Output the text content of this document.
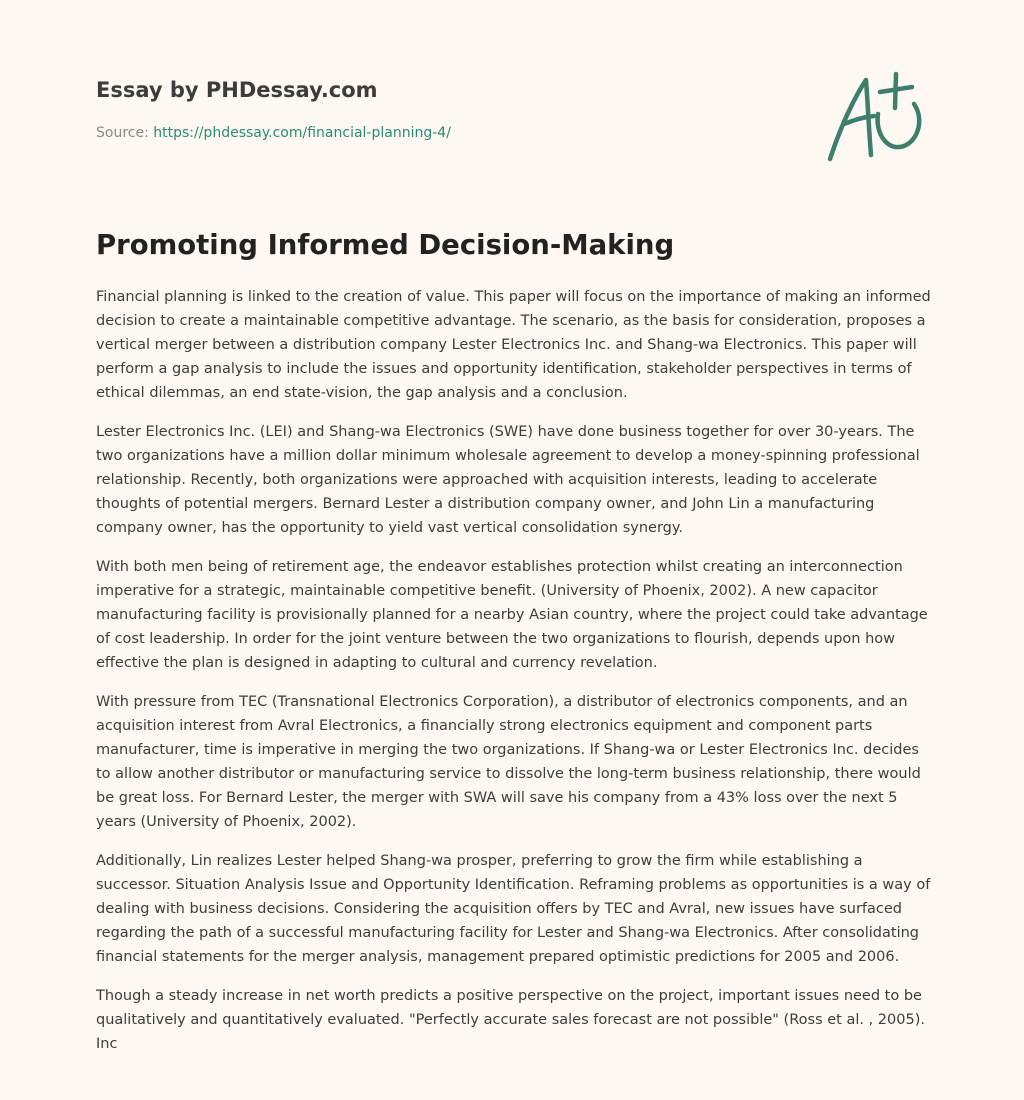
Essay by PHDessay.com
Source: https://phdessay.com/financial-planning-4/
Promoting Informed Decision-Making

Financial planning is linked to the creation of value. This paper will focus on the importance of making an informed decision to create a maintainable competitive advantage. The scenario, as the basis for consideration, proposes a vertical merger between a distribution company Lester Electronics Inc. and Shang-wa Electronics. This paper will perform a gap analysis to include the issues and opportunity identification, stakeholder perspectives in terms of ethical dilemmas, an end state-vision, the gap analysis and a conclusion.

Lester Electronics Inc. (LEI) and Shang-wa Electronics (SWE) have done business together for over 30-years. The two organizations have a million dollar minimum wholesale agreement to develop a money-spinning professional relationship. Recently, both organizations were approached with acquisition interests, leading to accelerate thoughts of potential mergers. Bernard Lester a distribution company owner, and John Lin a manufacturing company owner, has the opportunity to yield vast vertical consolidation synergy.

With both men being of retirement age, the endeavor establishes protection whilst creating an interconnection imperative for a strategic, maintainable competitive benefit. (University of Phoenix, 2002). A new capacitor manufacturing facility is provisionally planned for a nearby Asian country, where the project could take advantage of cost leadership. In order for the joint venture between the two organizations to flourish, depends upon how effective the plan is designed in adapting to cultural and currency revelation.

With pressure from TEC (Transnational Electronics Corporation), a distributor of electronics components, and an acquisition interest from Avral Electronics, a financially strong electronics equipment and component parts manufacturer, time is imperative in merging the two organizations. If Shang-wa or Lester Electronics Inc. decides to allow another distributor or manufacturing service to dissolve the long-term business relationship, there would be great loss. For Bernard Lester, the merger with SWA will save his company from a 43% loss over the next 5 years (University of Phoenix, 2002).

Additionally, Lin realizes Lester helped Shang-wa prosper, preferring to grow the firm while establishing a successor. Situation Analysis Issue and Opportunity Identification. Reframing problems as opportunities is a way of dealing with business decisions. Considering the acquisition offers by TEC and Avral, new issues have surfaced regarding the path of a successful manufacturing facility for Lester and Shang-wa Electronics. After consolidating financial statements for the merger analysis, management prepared optimistic predictions for 2005 and 2006.

Though a steady increase in net worth predicts a positive perspective on the project, important issues need to be qualitatively and quantitatively evaluated. "Perfectly accurate sales forecast are not possible" (Ross et al. , 2005). Inc
